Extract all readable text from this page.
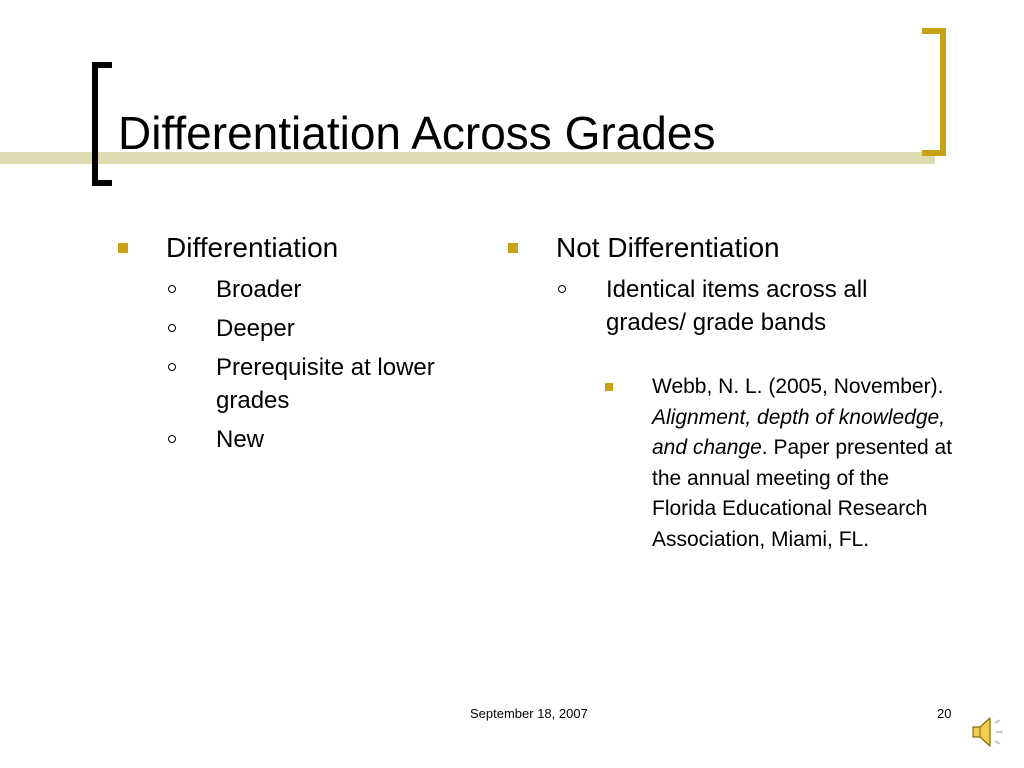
Differentiation Across Grades
Differentiation
Broader
Deeper
Prerequisite at lower grades
New
Not Differentiation
Identical items across all grades/ grade bands
Webb, N. L. (2005, November). Alignment, depth of knowledge, and change. Paper presented at the annual meeting of the Florida Educational Research Association, Miami, FL.
September 18, 2007	20
